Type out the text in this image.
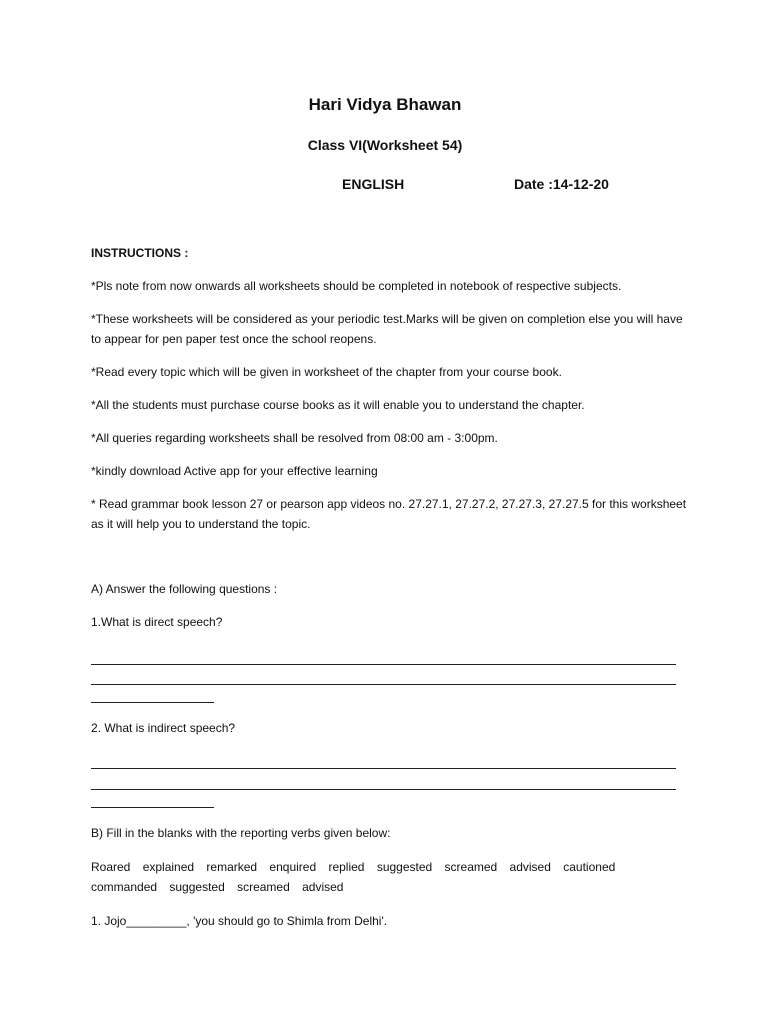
Hari Vidya Bhawan
Class VI(Worksheet 54)
ENGLISH	Date :14-12-20
INSTRUCTIONS :
*Pls note from now onwards all worksheets should be completed in notebook of respective subjects.
*These worksheets will be considered as your periodic test.Marks will be given on completion else you will have to appear for pen paper test once the school reopens.
*Read every topic which will be given in worksheet of the chapter from your course book.
*All the students must purchase course books as it will enable you to understand the chapter.
*All queries regarding worksheets shall be resolved from 08:00 am - 3:00pm.
*kindly download Active app for your effective learning
* Read grammar book lesson 27 or pearson app videos no. 27.27.1, 27.27.2, 27.27.3, 27.27.5 for this worksheet as it will help you to understand the topic.
A) Answer the following questions :
1.What is direct speech?
2. What is indirect speech?
B) Fill in the blanks with the reporting verbs given below:
Roared explained remarked enquired replied suggested screamed advised cautioned commanded suggested screamed advised
1. Jojo_________, 'you should go to Shimla from Delhi'.
